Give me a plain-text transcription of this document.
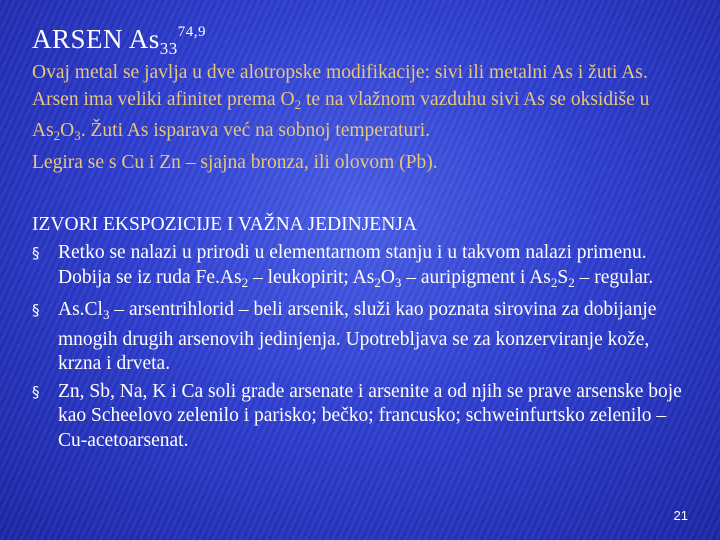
ARSEN $As_{33}^{74,9}$

Ovaj metal se javlja u dve alotropske modifikacije: sivi ili metalni As i žuti As.

Arsen ima veliki afinitet prema $O_2$ te na vlažnom vazduhu sivi As se oksidiše u $As_2O_3$. Žuti As isparava već na sobnoj temperaturi.

Legira se s Cu i Zn – sjajna bronza, ili olovom (Pb).

IZVORI EKSPOZICIJE I VAŽNA JEDINJENJA
§ Retko se nalazi u prirodi u elementarnom stanju i u takvom nalazi primenu. Dobija se iz ruda $Fe.As_2$ – leukopirit; $As_2O_3$ – auripigment i $As_2S_2$ – regular.
§ $As.Cl_3$ – arsentrihlorid – beli arsenik, služi kao poznata sirovina za dobijanje mnogih drugih arsenovih jedinjenja. Upotrebljava se za konzerviranje kože, krzna i drveta.
§ Zn, Sb, Na, K i Ca soli grade arsenate i arsenite a od njih se prave arsenske boje kao Scheelovo zelenilo i parisko; bečko; francusko; schweinfurtsko zelenilo – Cu-acetoarsenat.
21
